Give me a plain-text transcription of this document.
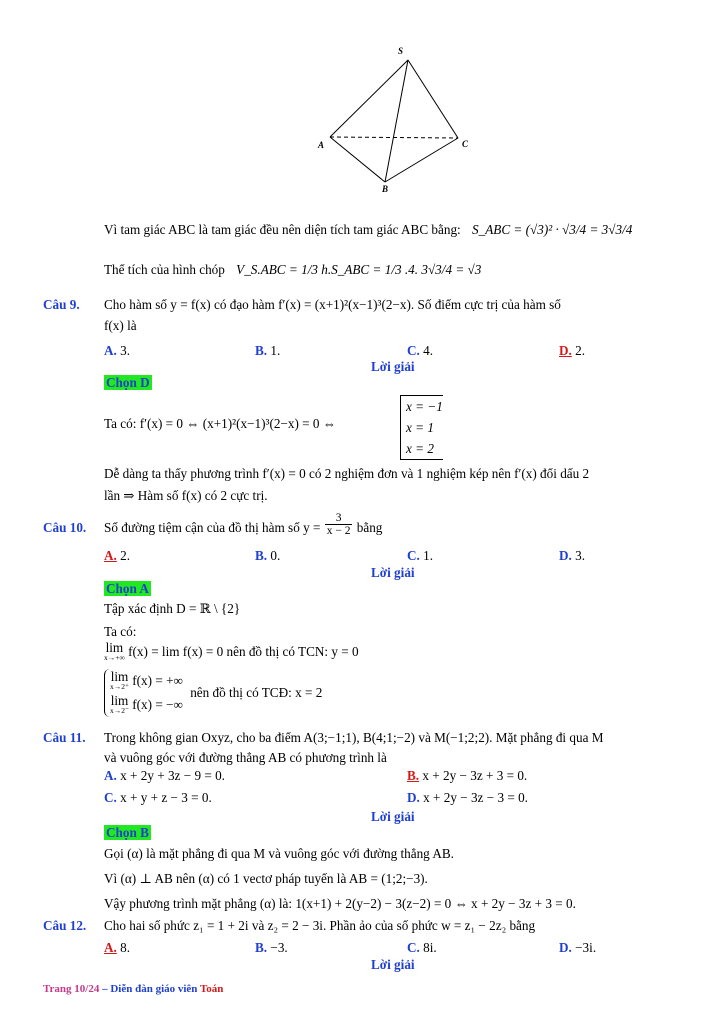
S
A	C
B
Vì tam giác ABC là tam giác đều nên diện tích tam giác ABC bằng: S_ABC = (√3)² · √3/4 = 3√3/4
Thể tích của hình chóp V_S.ABC = 1/3 h.S_ABC = 1/3 .4. 3√3/4 = √3
Câu 9. Cho hàm số y = f(x) có đạo hàm f′(x) = (x+1)²(x−1)³(2−x). Số điểm cực trị của hàm số
f(x) là
A. 3.	B. 1.	C. 4.	D. 2.
Lời giải
Chọn D
Ta có: f′(x) = 0 ⇔ (x+1)²(x−1)³(2−x) = 0 ⇔
x = −1
x = 1
x = 2
Dễ dàng ta thấy phương trình f′(x) = 0 có 2 nghiệm đơn và 1 nghiệm kép nên f′(x) đổi dấu 2
lần ⇒ Hàm số f(x) có 2 cực trị.
Câu 10. Số đường tiệm cận của đồ thị hàm số $y = \frac{3}{x - 2}$ bằng
A. 2.	B. 0.	C. 1.	D. 3.
Lời giải
Chọn A
Tập xác định D = ℝ \ {2}
Ta có:
lim
x→+∞ f(x) = lim f(x) = 0 nên đồ thị có TCN: y = 0
lim
x→2⁺ f(x) = +∞
lim
x→2⁻ f(x) = −∞
nên đồ thị có TCĐ: x = 2
Câu 11. Trong không gian Oxyz, cho ba điểm A(3;−1;1), B(4;1;−2) và M(−1;2;2). Mặt phẳng đi qua M
và vuông góc với đường thẳng AB có phương trình là
A. x + 2y + 3z − 9 = 0.	B. x + 2y − 3z + 3 = 0.
C. x + y + z − 3 = 0.	D. x + 2y − 3z − 3 = 0.
Lời giải
Chọn B
Gọi (α) là mặt phẳng đi qua M và vuông góc với đường thẳng AB.
Vì (α) ⊥ AB nên (α) có 1 vectơ pháp tuyến là AB = (1;2;−3).
Vậy phương trình mặt phẳng (α) là: 1(x+1) + 2(y−2) − 3(z−2) = 0 ⇔ x + 2y − 3z + 3 = 0.
Câu 12. Cho hai số phức z₁ = 1 + 2i và z₂ = 2 − 3i. Phần ảo của số phức w = z₁ − 2z₂ bằng
A. 8.	B. −3.	C. 8i.	D. −3i.
Lời giải
Trang 10/24 – Diễn đàn giáo viên Toán
